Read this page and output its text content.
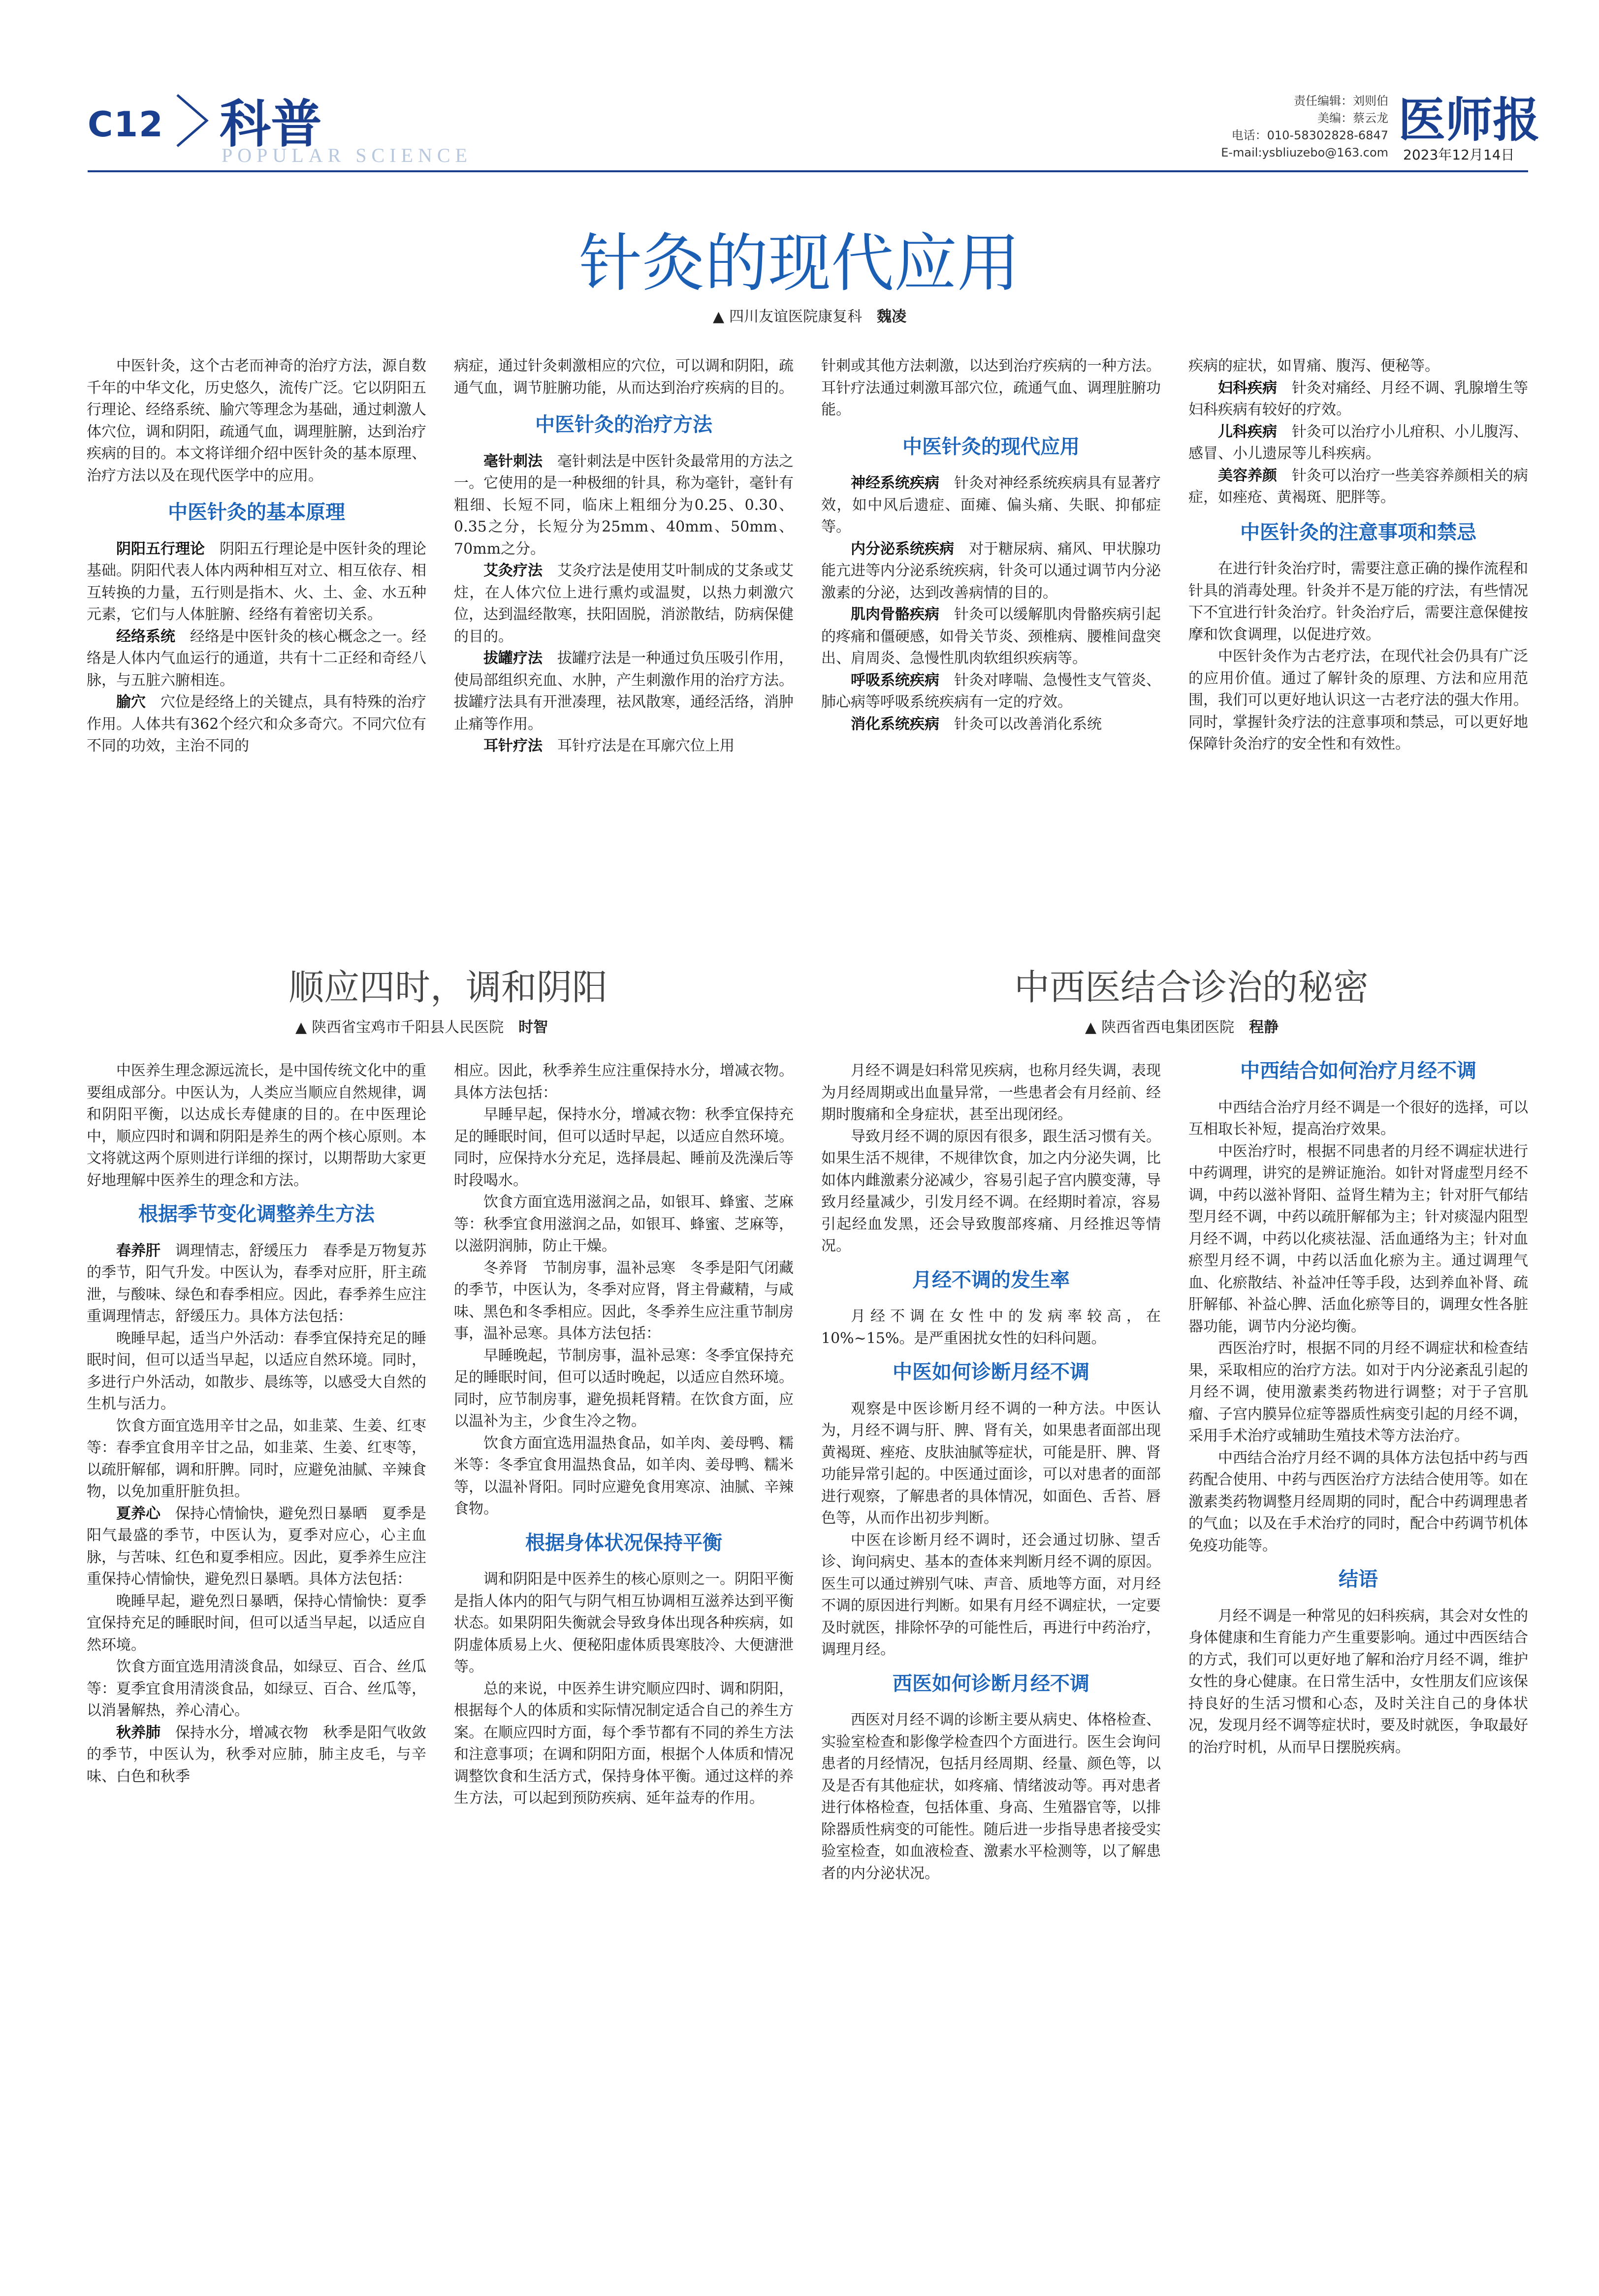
C12 科普
POPULAR SCIENCE
责任编辑：刘则伯
美编：蔡云龙
电话：010-58302828-6847
E-mail:ysbliuzebo@163.com
医师报
2023年12月14日
针灸的现代应用
▲ 四川友谊医院康复科　 魏凌

中医针灸，这个古老而神奇的治疗方法，源自数千年的中华文化，历史悠久，流传广泛。它以阴阳五行理论、经络系统、腧穴等理念为基础，通过刺激人体穴位，调和阴阳，疏通气血，调理脏腑，达到治疗疾病的目的。本文将详细介绍中医针灸的基本原理、治疗方法以及在现代医学中的应用。

中医针灸的基本原理

阴阳五行理论　 阴阳五行理论是中医针灸的理论基础。阴阳代表人体内两种相互对立、相互依存、相互转换的力量，五行则是指木、火、土、金、水五种元素，它们与人体脏腑、经络有着密切关系。

经络系统　 经络是中医针灸的核心概念之一。经络是人体内气血运行的通道，共有十二正经和奇经八脉，与五脏六腑相连。

腧穴　 穴位是经络上的关键点，具有特殊的治疗作用。人体共有362个经穴和众多奇穴。不同穴位有不同的功效，主治不同的

病症，通过针灸刺激相应的穴位，可以调和阴阳，疏通气血，调节脏腑功能，从而达到治疗疾病的目的。

中医针灸的治疗方法

毫针刺法　 毫针刺法是中医针灸最常用的方法之一。它使用的是一种极细的针具，称为毫针，毫针有粗细、长短不同，临床上粗细分为0.25、0.30、0.35之分，长短分为25mm、40mm、50mm、70mm之分。

艾灸疗法　 艾灸疗法是使用艾叶制成的艾条或艾炷，在人体穴位上进行熏灼或温熨，以热力刺激穴位，达到温经散寒，扶阳固脱，消淤散结，防病保健的目的。

拔罐疗法　 拔罐疗法是一种通过负压吸引作用，使局部组织充血、水肿，产生刺激作用的治疗方法。拔罐疗法具有开泄凑理，祛风散寒，通经活络，消肿止痛等作用。

耳针疗法　 耳针疗法是在耳廓穴位上用

针刺或其他方法刺激，以达到治疗疾病的一种方法。耳针疗法通过刺激耳部穴位，疏通气血、调理脏腑功能。

中医针灸的现代应用

神经系统疾病　 针灸对神经系统疾病具有显著疗效，如中风后遗症、面瘫、偏头痛、失眠、抑郁症等。

内分泌系统疾病　 对于糖尿病、痛风、甲状腺功能亢进等内分泌系统疾病，针灸可以通过调节内分泌激素的分泌，达到改善病情的目的。

肌肉骨骼疾病　 针灸可以缓解肌肉骨骼疾病引起的疼痛和僵硬感，如骨关节炎、颈椎病、腰椎间盘突出、肩周炎、急慢性肌肉软组织疾病等。

呼吸系统疾病　 针灸对哮喘、急慢性支气管炎、肺心病等呼吸系统疾病有一定的疗效。

消化系统疾病　 针灸可以改善消化系统

疾病的症状，如胃痛、腹泻、便秘等。

妇科疾病　 针灸对痛经、月经不调、乳腺增生等妇科疾病有较好的疗效。

儿科疾病　 针灸可以治疗小儿疳积、小儿腹泻、感冒、小儿遗尿等儿科疾病。

美容养颜　 针灸可以治疗一些美容养颜相关的病症，如痤疮、黄褐斑、肥胖等。

中医针灸的注意事项和禁忌

在进行针灸治疗时，需要注意正确的操作流程和针具的消毒处理。针灸并不是万能的疗法，有些情况下不宜进行针灸治疗。针灸治疗后，需要注意保健按摩和饮食调理，以促进疗效。

中医针灸作为古老疗法，在现代社会仍具有广泛的应用价值。通过了解针灸的原理、方法和应用范围，我们可以更好地认识这一古老疗法的强大作用。同时，掌握针灸疗法的注意事项和禁忌，可以更好地保障针灸治疗的安全性和有效性。

顺应四时，调和阴阳
▲ 陕西省宝鸡市千阳县人民医院　 时智

中医养生理念源远流长，是中国传统文化中的重要组成部分。中医认为，人类应当顺应自然规律，调和阴阳平衡，以达成长寿健康的目的。在中医理论中，顺应四时和调和阴阳是养生的两个核心原则。本文将就这两个原则进行详细的探讨，以期帮助大家更好地理解中医养生的理念和方法。

根据季节变化调整养生方法

春养肝　 调理情志，舒缓压力　春季是万物复苏的季节，阳气升发。中医认为，春季对应肝，肝主疏泄，与酸味、绿色和春季相应。因此，春季养生应注重调理情志，舒缓压力。具体方法包括：

晚睡早起，适当户外活动：春季宜保持充足的睡眠时间，但可以适当早起，以适应自然环境。同时，多进行户外活动，如散步、晨练等，以感受大自然的生机与活力。

饮食方面宜选用辛甘之品，如韭菜、生姜、红枣等：春季宜食用辛甘之品，如韭菜、生姜、红枣等，以疏肝解郁，调和肝脾。同时，应避免油腻、辛辣食物，以免加重肝脏负担。

夏养心　 保持心情愉快，避免烈日暴晒　夏季是阳气最盛的季节，中医认为，夏季对应心，心主血脉，与苦味、红色和夏季相应。因此，夏季养生应注重保持心情愉快，避免烈日暴晒。具体方法包括：

晚睡早起，避免烈日暴晒，保持心情愉快：夏季宜保持充足的睡眠时间，但可以适当早起，以适应自然环境。

饮食方面宜选用清淡食品，如绿豆、百合、丝瓜等：夏季宜食用清淡食品，如绿豆、百合、丝瓜等，以消暑解热，养心清心。

秋养肺　 保持水分，增减衣物　秋季是阳气收敛的季节，中医认为，秋季对应肺，肺主皮毛，与辛味、白色和秋季

相应。因此，秋季养生应注重保持水分，增减衣物。具体方法包括：

早睡早起，保持水分，增减衣物：秋季宜保持充足的睡眠时间，但可以适时早起，以适应自然环境。同时，应保持水分充足，选择晨起、睡前及洗澡后等时段喝水。

饮食方面宜选用滋润之品，如银耳、蜂蜜、芝麻等：秋季宜食用滋润之品，如银耳、蜂蜜、芝麻等，以滋阴润肺，防止干燥。

冬养肾　节制房事，温补忌寒　冬季是阳气闭藏的季节，中医认为，冬季对应肾，肾主骨藏精，与咸味、黑色和冬季相应。因此，冬季养生应注重节制房事，温补忌寒。具体方法包括：

早睡晚起，节制房事，温补忌寒：冬季宜保持充足的睡眠时间，但可以适时晚起，以适应自然环境。同时，应节制房事，避免损耗肾精。在饮食方面，应以温补为主，少食生冷之物。

饮食方面宜选用温热食品，如羊肉、姜母鸭、糯米等：冬季宜食用温热食品，如羊肉、姜母鸭、糯米等，以温补肾阳。同时应避免食用寒凉、油腻、辛辣食物。

根据身体状况保持平衡

调和阴阳是中医养生的核心原则之一。阴阳平衡是指人体内的阳气与阴气相互协调相互滋养达到平衡状态。如果阴阳失衡就会导致身体出现各种疾病，如阴虚体质易上火、便秘阳虚体质畏寒肢冷、大便溏泄等。

总的来说，中医养生讲究顺应四时、调和阴阳，根据每个人的体质和实际情况制定适合自己的养生方案。在顺应四时方面，每个季节都有不同的养生方法和注意事项；在调和阴阳方面，根据个人体质和情况调整饮食和生活方式，保持身体平衡。通过这样的养生方法，可以起到预防疾病、延年益寿的作用。

中西医结合诊治的秘密
▲ 陕西省西电集团医院　 程静

月经不调是妇科常见疾病，也称月经失调，表现为月经周期或出血量异常，一些患者会有月经前、经期时腹痛和全身症状，甚至出现闭经。

导致月经不调的原因有很多，跟生活习惯有关。如果生活不规律，不规律饮食，加之内分泌失调，比如体内雌激素分泌减少，容易引起子宫内膜变薄，导致月经量减少，引发月经不调。在经期时着凉，容易引起经血发黑，还会导致腹部疼痛、月经推迟等情况。

月经不调的发生率

月经不调在女性中的发病率较高，在10%~15%。是严重困扰女性的妇科问题。

中医如何诊断月经不调

观察是中医诊断月经不调的一种方法。中医认为，月经不调与肝、脾、肾有关，如果患者面部出现黄褐斑、痤疮、皮肤油腻等症状，可能是肝、脾、肾功能异常引起的。中医通过面诊，可以对患者的面部进行观察，了解患者的具体情况，如面色、舌苔、唇色等，从而作出初步判断。

中医在诊断月经不调时，还会通过切脉、望舌诊、询问病史、基本的查体来判断月经不调的原因。医生可以通过辨别气味、声音、质地等方面，对月经不调的原因进行判断。如果有月经不调症状，一定要及时就医，排除怀孕的可能性后，再进行中药治疗，调理月经。

西医如何诊断月经不调

西医对月经不调的诊断主要从病史、体格检查、实验室检查和影像学检查四个方面进行。医生会询问患者的月经情况，包括月经周期、经量、颜色等，以及是否有其他症状，如疼痛、情绪波动等。再对患者进行体格检查，包括体重、身高、生殖器官等，以排除器质性病变的可能性。随后进一步指导患者接受实验室检查，如血液检查、激素水平检测等，以了解患者的内分泌状况。

中西结合如何治疗月经不调

中西结合治疗月经不调是一个很好的选择，可以互相取长补短，提高治疗效果。

中医治疗时，根据不同患者的月经不调症状进行中药调理，讲究的是辨证施治。如针对肾虚型月经不调，中药以滋补肾阳、益肾生精为主；针对肝气郁结型月经不调，中药以疏肝解郁为主；针对痰湿内阻型月经不调，中药以化痰祛湿、活血通络为主；针对血瘀型月经不调，中药以活血化瘀为主。通过调理气血、化瘀散结、补益冲任等手段，达到养血补肾、疏肝解郁、补益心脾、活血化瘀等目的，调理女性各脏器功能，调节内分泌均衡。

西医治疗时，根据不同的月经不调症状和检查结果，采取相应的治疗方法。如对于内分泌紊乱引起的月经不调，使用激素类药物进行调整；对于子宫肌瘤、子宫内膜异位症等器质性病变引起的月经不调，采用手术治疗或辅助生殖技术等方法治疗。

中西结合治疗月经不调的具体方法包括中药与西药配合使用、中药与西医治疗方法结合使用等。如在激素类药物调整月经周期的同时，配合中药调理患者的气血；以及在手术治疗的同时，配合中药调节机体免疫功能等。

结语

月经不调是一种常见的妇科疾病，其会对女性的身体健康和生育能力产生重要影响。通过中西医结合的方式，我们可以更好地了解和治疗月经不调，维护女性的身心健康。在日常生活中，女性朋友们应该保持良好的生活习惯和心态，及时关注自己的身体状况，发现月经不调等症状时，要及时就医，争取最好的治疗时机，从而早日摆脱疾病。
